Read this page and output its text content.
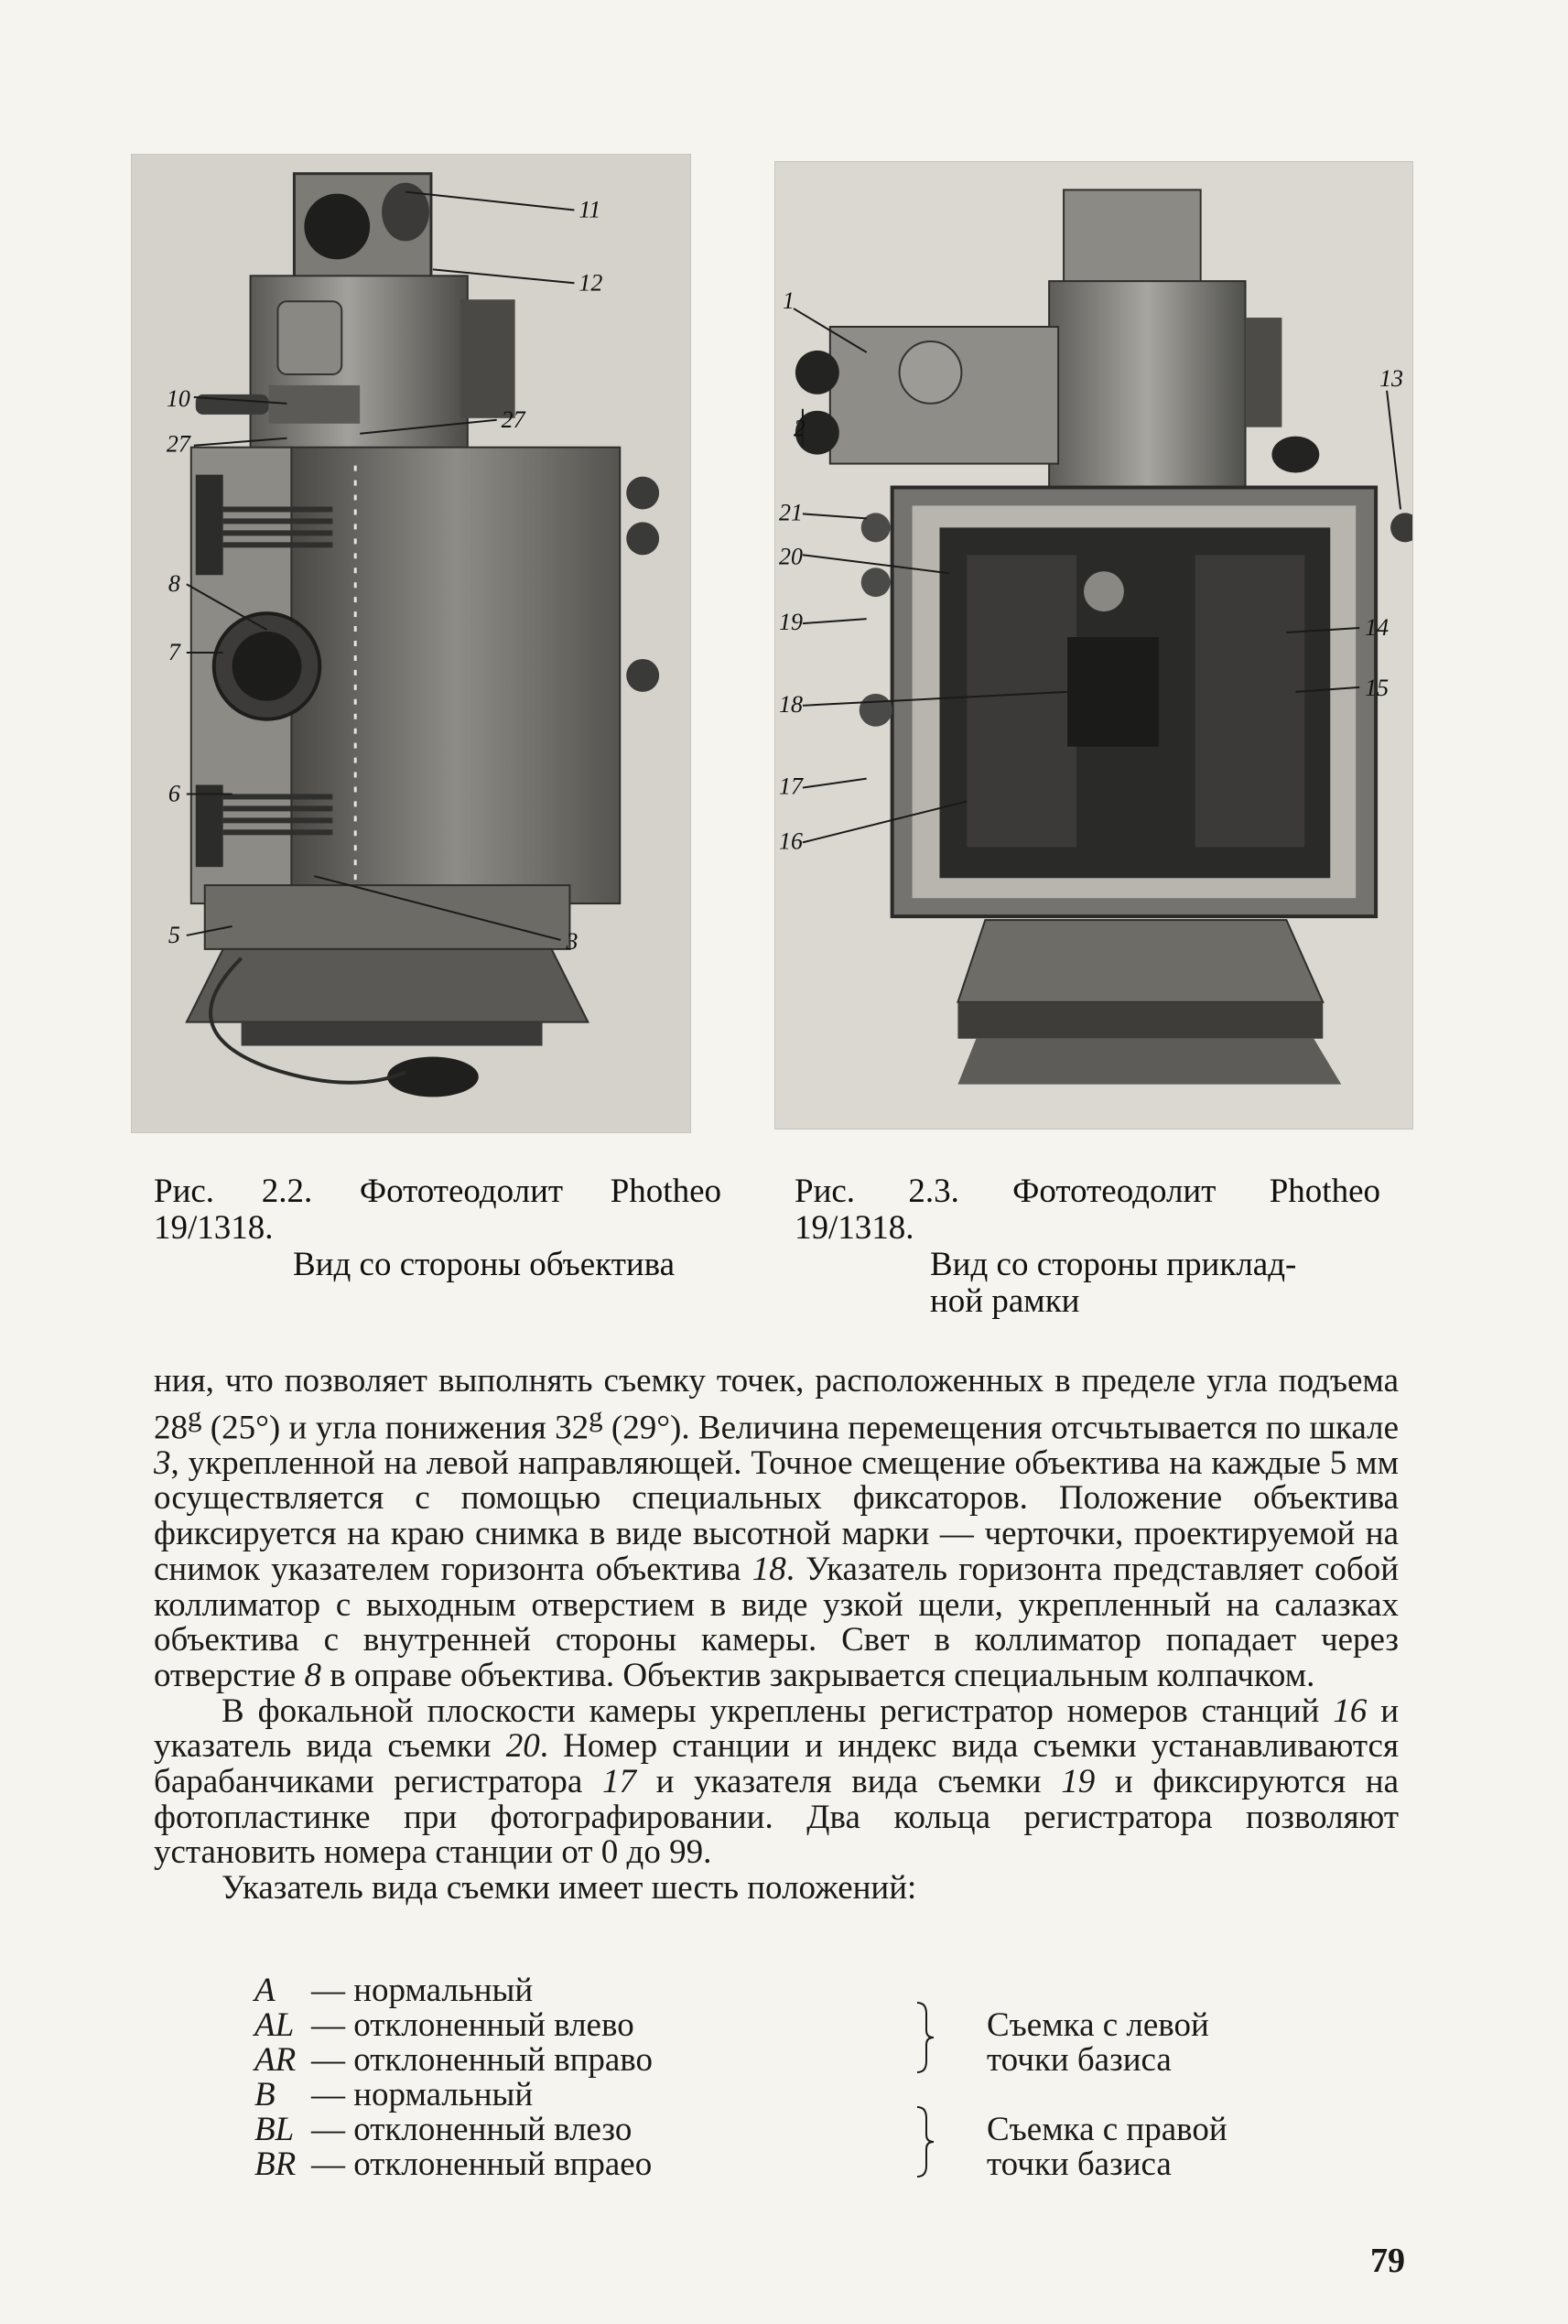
11
12
10
27
27
8
7
6
5	3
1
2
13
21
20
19	14
15
18
17
16
Рис. 2.2. Фототеодолит Photheo
19/1318.
Вид со стороны объектива
Рис. 2.3. Фототеодолит Photheo
19/1318.
Вид со стороны приклад-
ной рамки

ния, что позволяет выполнять съемку точек, расположенных в пределе угла подъема 28$^g$ (25°) и угла понижения 32$^g$ (29°). Величина перемещения отсчьтывается по шкале 3, укрепленной на левой направляющей. Точное смещение объектива на каждые 5 мм осуществляется с помощью специальных фиксаторов. Положение объектива фиксируется на краю снимка в виде высотной марки — черточки, проектируемой на снимок указателем горизонта объектива 18. Указатель горизонта представляет собой коллиматор с выходным отверстием в виде узкой щели, укрепленный на салазках объектива с внутренней стороны камеры. Свет в коллиматор попадает через отверстие 8 в оправе объектива. Объектив закрывается специальным колпачком.

В фокальной плоскости камеры укреплены регистратор номеров станций 16 и указатель вида съемки 20. Номер станции и индекс вида съемки устанавливаются барабанчиками регистратора 17 и указателя вида съемки 19 и фиксируются на фотопластинке при фотографировании. Два кольца регистратора позволяют установить номера станции от 0 до 99.

Указатель вида съемки имеет шесть положений:

A — нормальный
AL — отклоненный влево
AR — отклоненный вправо
Съемка с левой
точки базиса
B — нормальный
BL — отклоненный влезо
BR — отклоненный впраео
Съемка с правой
точки базиса
79
